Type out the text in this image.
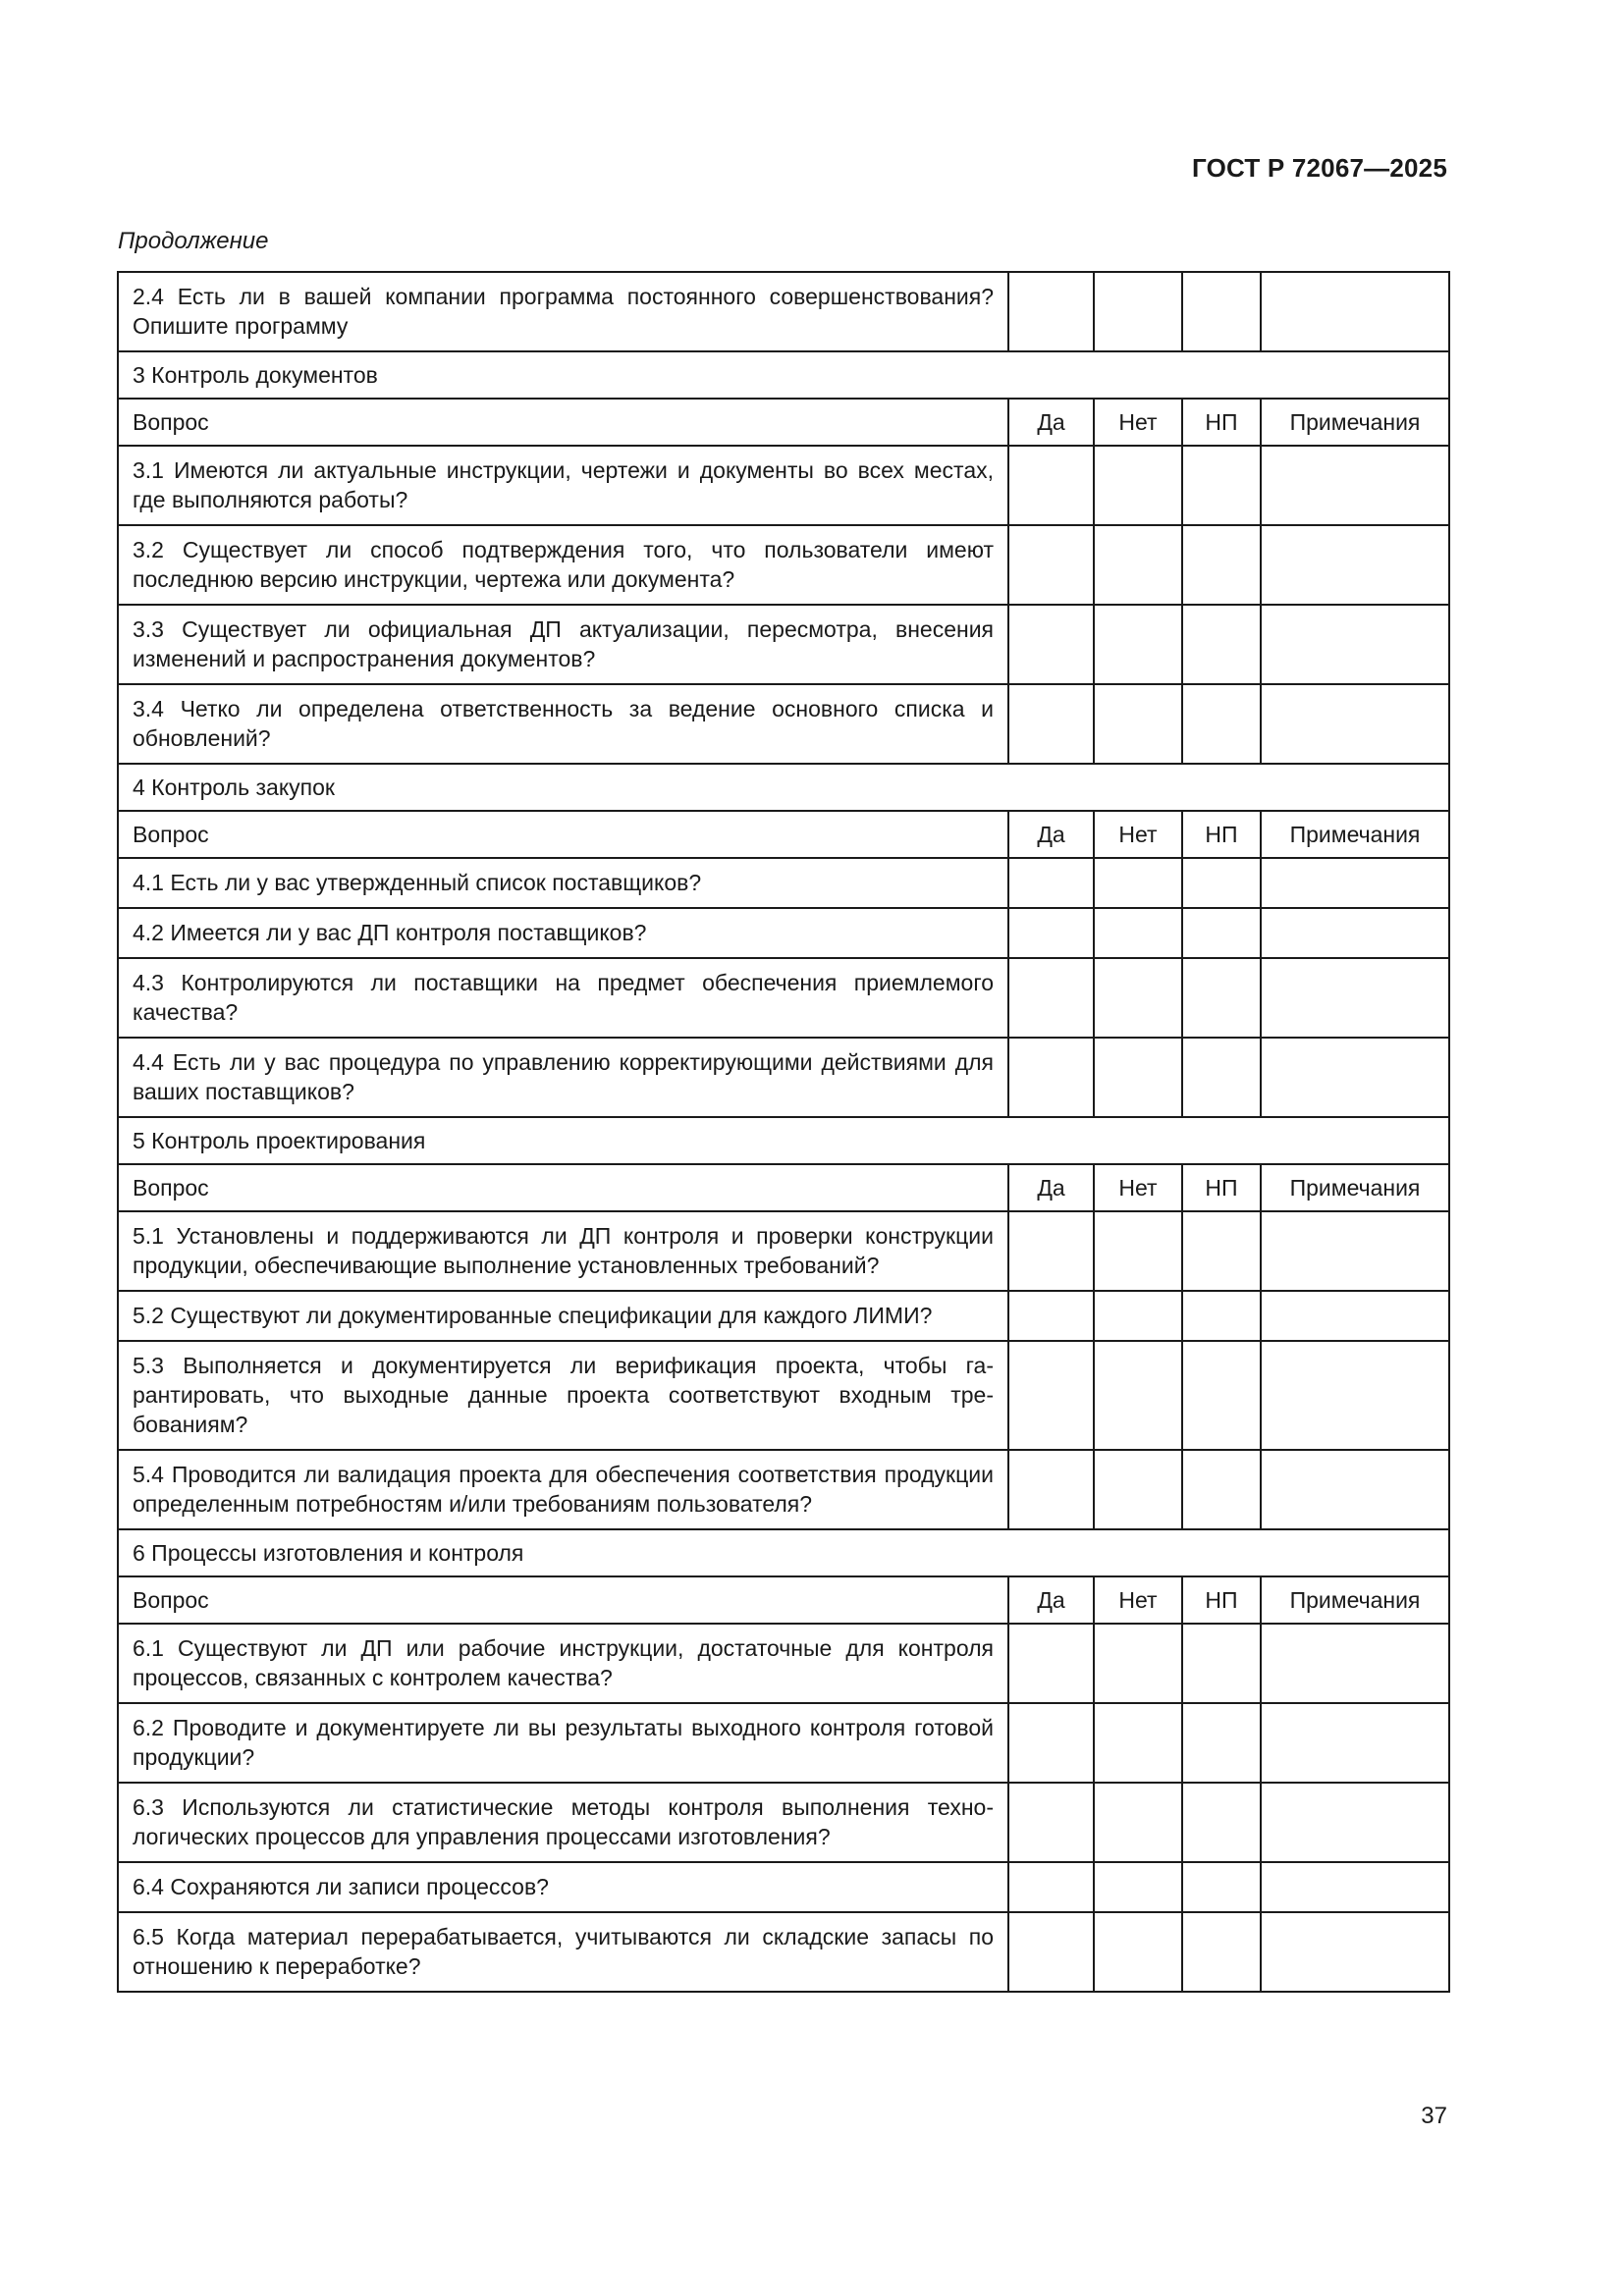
ГОСТ Р 72067—2025
Продолжение
2.4 Есть ли в вашей компании программа постоянного совершенствования? Опишите программу				
3 Контроль документов				
Вопрос	Да	Нет	НП	Примечания
3.1 Имеются ли актуальные инструкции, чертежи и документы во всех местах, где выполняются работы?				
3.2 Существует ли способ подтверждения того, что пользователи имеют последнюю версию инструкции, чертежа или документа?				
3.3 Существует ли официальная ДП актуализации, пересмотра, внесения изменений и распространения документов?				
3.4 Четко ли определена ответственность за ведение основного списка и обновлений?				
4 Контроль закупок				
Вопрос	Да	Нет	НП	Примечания
4.1 Есть ли у вас утвержденный список поставщиков?				
4.2 Имеется ли у вас ДП контроля поставщиков?				
4.3 Контролируются ли поставщики на предмет обеспечения приемлемого качества?				
4.4 Есть ли у вас процедура по управлению корректирующими действиями для ваших поставщиков?				
5 Контроль проектирования				
Вопрос	Да	Нет	НП	Примечания
5.1 Установлены и поддерживаются ли ДП контроля и проверки конструкции продукции, обеспечивающие выполнение установленных требований?				
5.2 Существуют ли документированные спецификации для каждого ЛИМИ?				
5.3 Выполняется и документируется ли верификация проекта, чтобы гарантировать, что выходные данные проекта соответствуют входным требованиям?				
5.4 Проводится ли валидация проекта для обеспечения соответствия продукции определенным потребностям и/или требованиям пользователя?				
6 Процессы изготовления и контроля				
Вопрос	Да	Нет	НП	Примечания
6.1 Существуют ли ДП или рабочие инструкции, достаточные для контроля процессов, связанных с контролем качества?				
6.2 Проводите и документируете ли вы результаты выходного контроля готовой продукции?				
6.3 Используются ли статистические методы контроля выполнения технологических процессов для управления процессами изготовления?				
6.4 Сохраняются ли записи процессов?				
6.5 Когда материал перерабатывается, учитываются ли складские запасы по отношению к переработке?				
37
